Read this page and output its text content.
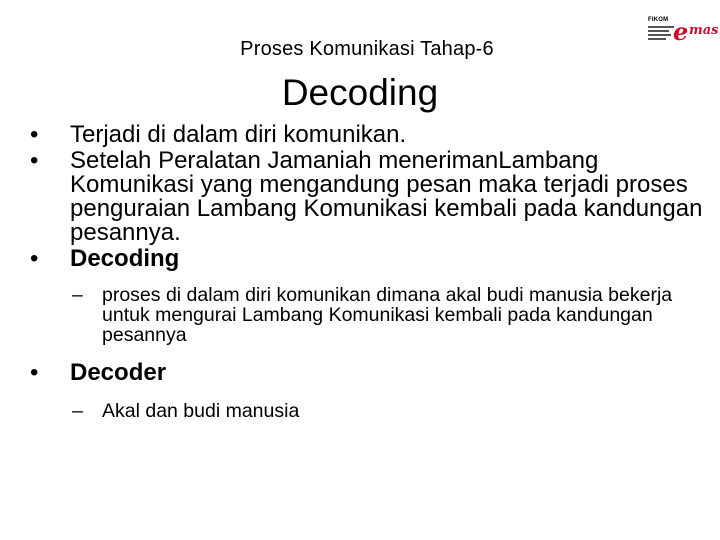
FIKOM e mas
Proses Komunikasi Tahap-6
Decoding
• Terjadi di dalam diri komunikan.
• Setelah Peralatan Jamaniah menerimanLambang Komunikasi yang mengandung pesan maka terjadi proses penguraian Lambang Komunikasi kembali pada kandungan pesannya.
• Decoding
– proses di dalam diri komunikan dimana akal budi manusia bekerja untuk mengurai Lambang Komunikasi kembali pada kandungan pesannya
• Decoder
– Akal dan budi manusia
